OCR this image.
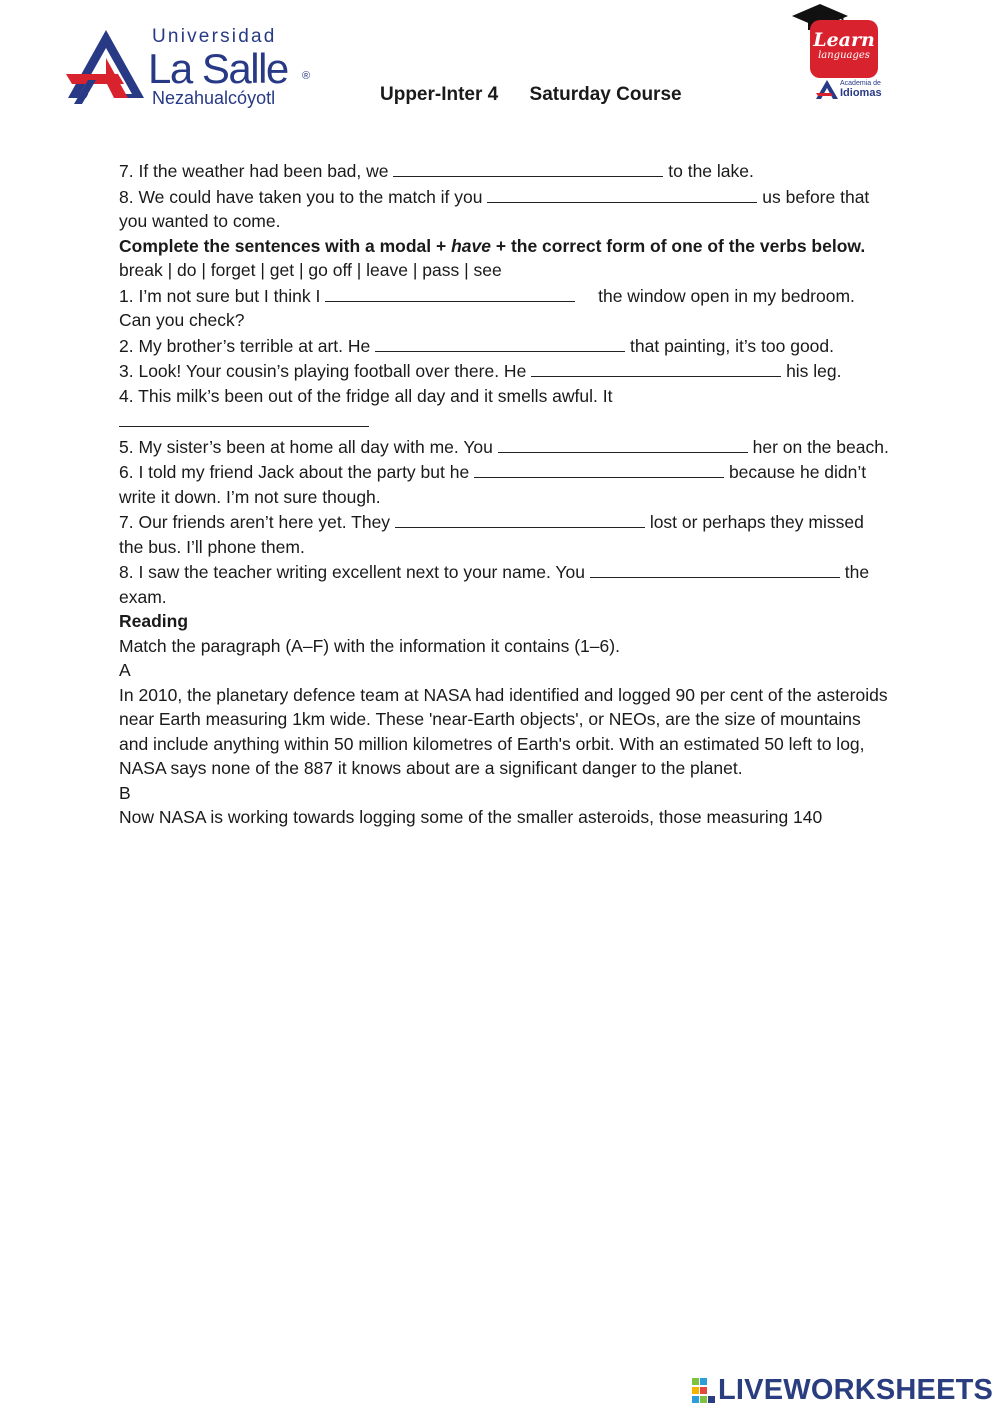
Universidad
La Salle ®
Nezahualcóyotl	Upper-Inter 4 Saturday Course
Learn
languages
Academia de
Idiomas

7. If the weather had been bad, we	to the lake.

8. We could have taken you to the match if you	us before that you wanted to come.

Complete the sentences with a modal + have + the correct form of one of the verbs below.

break | do | forget | get | go off | leave | pass | see

1. I’m not sure but I think I	the window open in my bedroom. Can you check?

2. My brother’s terrible at art. He	that painting, it’s too good.

3. Look! Your cousin’s playing football over there. He	his leg.

4. This milk’s been out of the fridge all day and it smells awful. It

5. My sister’s been at home all day with me. You	her on the beach.

6. I told my friend Jack about the party but he	because he didn’t write it down. I’m not sure though.

7. Our friends aren’t here yet. They	lost or perhaps they missed the bus. I’ll phone them.

8. I saw the teacher writing excellent next to your name. You	the exam.

Reading

Match the paragraph (A–F) with the information it contains (1–6).

A

In 2010, the planetary defence team at NASA had identified and logged 90 per cent of the asteroids near Earth measuring 1km wide. These 'near-Earth objects', or NEOs, are the size of mountains and include anything within 50 million kilometres of Earth's orbit. With an estimated 50 left to log, NASA says none of the 887 it knows about are a significant danger to the planet.

B

Now NASA is working towards logging some of the smaller asteroids, those measuring 140

LIVEWORKSHEETS
